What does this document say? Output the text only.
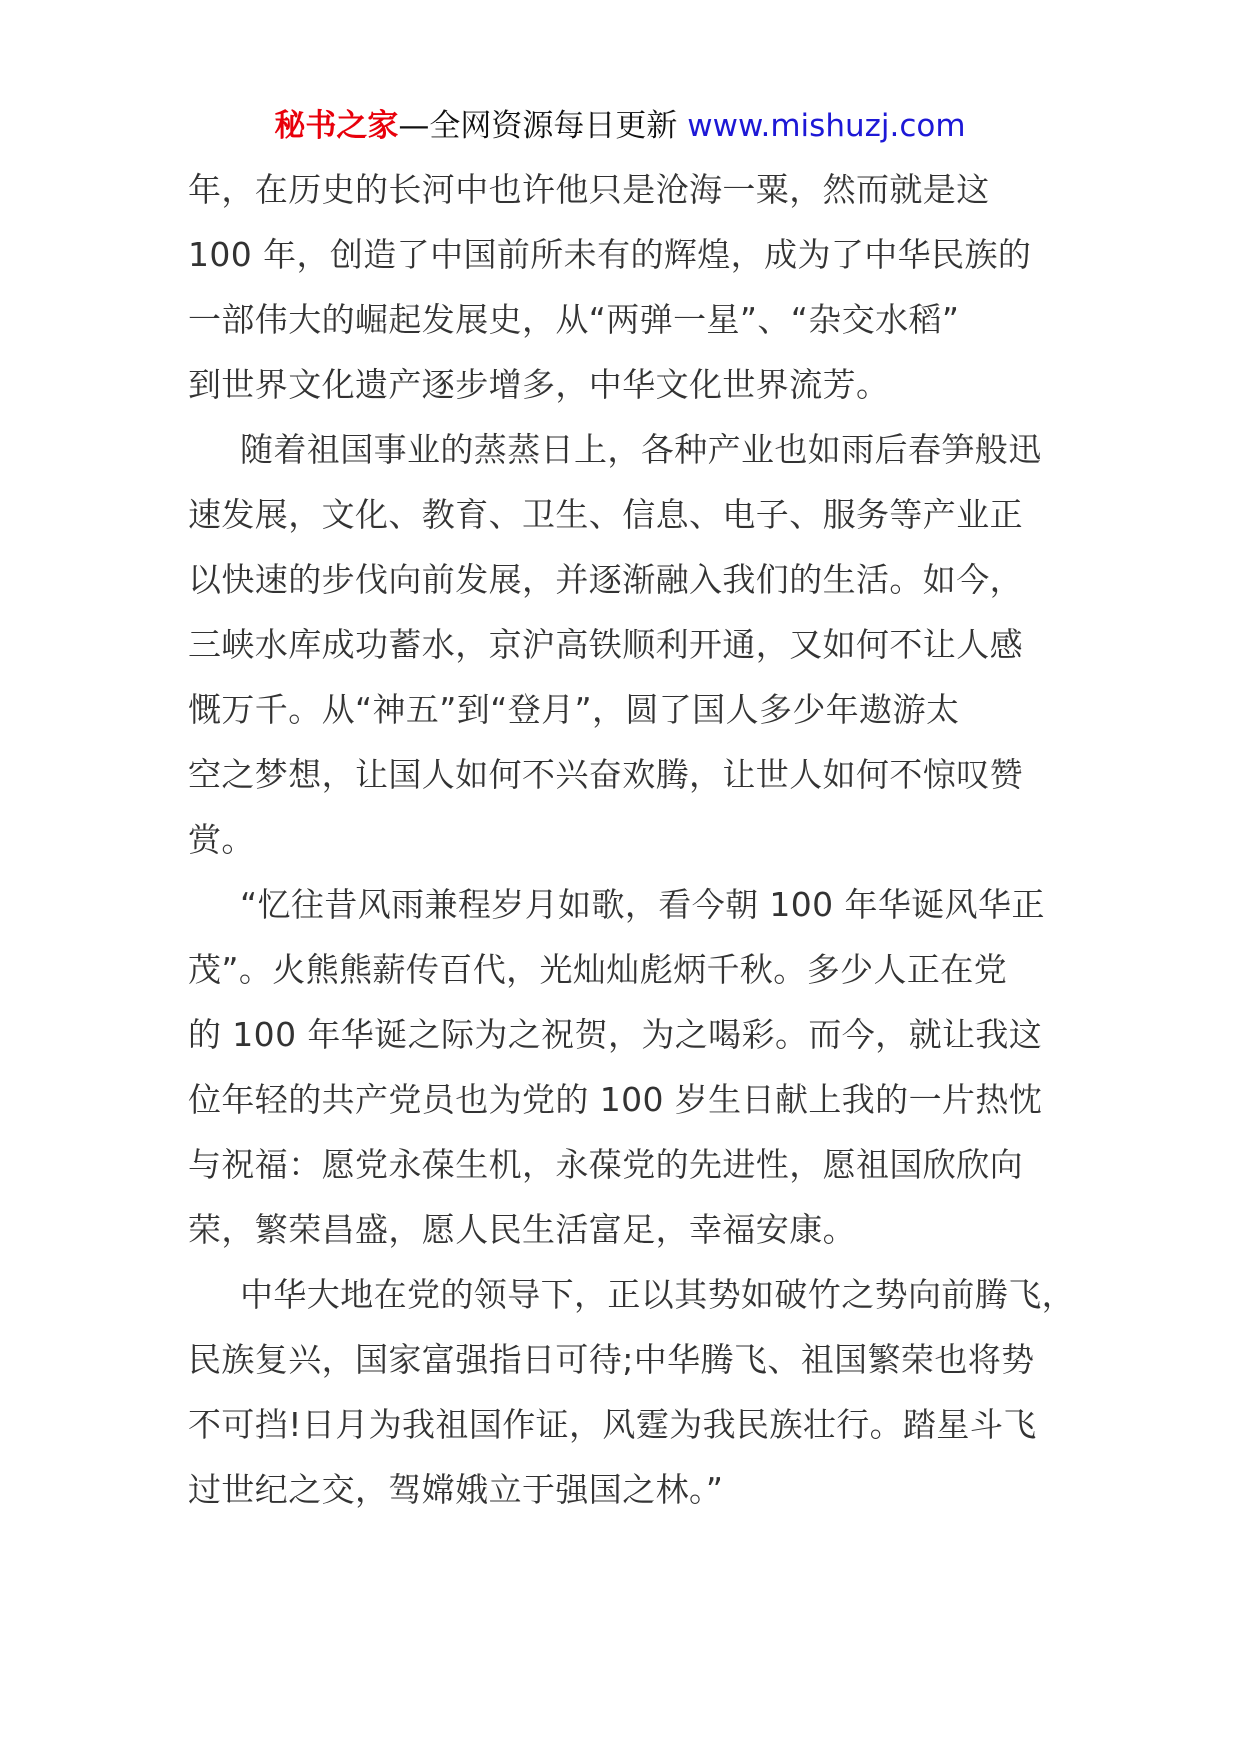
秘书之家—全网资源每日更新 www.mishuzj.com
年，在历史的长河中也许他只是沧海一粟，然而就是这
100 年，创造了中国前所未有的辉煌，成为了中华民族的
一部伟大的崛起发展史，从“两弹一星”、“杂交水稻”
到世界文化遗产逐步增多，中华文化世界流芳。
随着祖国事业的蒸蒸日上，各种产业也如雨后春笋般迅
速发展，文化、教育、卫生、信息、电子、服务等产业正
以快速的步伐向前发展，并逐渐融入我们的生活。如今，
三峡水库成功蓄水，京沪高铁顺利开通，又如何不让人感
慨万千。从“神五”到“登月”，圆了国人多少年遨游太
空之梦想，让国人如何不兴奋欢腾，让世人如何不惊叹赞
赏。
“忆往昔风雨兼程岁月如歌，看今朝 100 年华诞风华正
茂”。火熊熊薪传百代，光灿灿彪炳千秋。多少人正在党
的 100 年华诞之际为之祝贺，为之喝彩。而今，就让我这
位年轻的共产党员也为党的 100 岁生日献上我的一片热忱
与祝福：愿党永葆生机，永葆党的先进性，愿祖国欣欣向
荣，繁荣昌盛，愿人民生活富足，幸福安康。
中华大地在党的领导下，正以其势如破竹之势向前腾飞，
民族复兴，国家富强指日可待;中华腾飞、祖国繁荣也将势
不可挡!日月为我祖国作证，风霆为我民族壮行。踏星斗飞
过世纪之交，驾嫦娥立于强国之林。”
